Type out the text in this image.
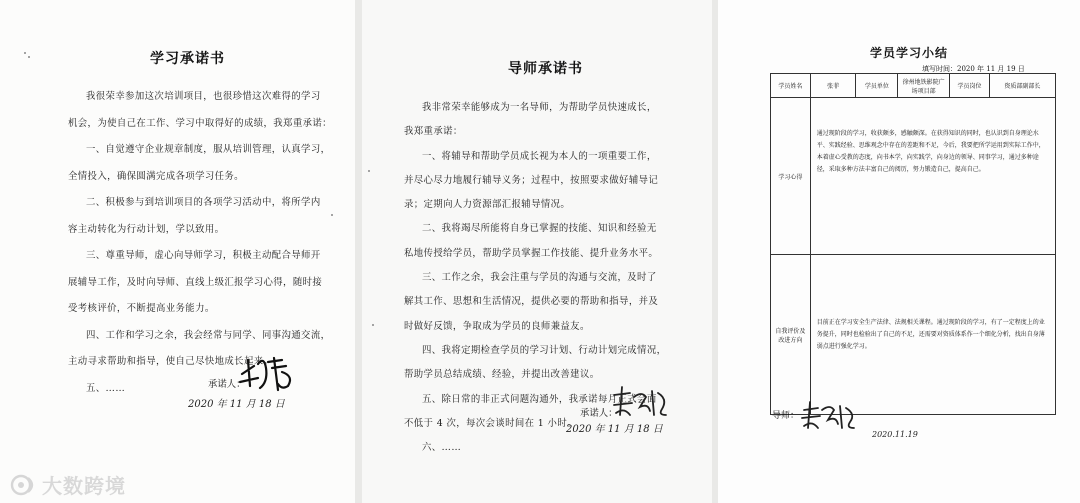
学习承诺书

我很荣幸参加这次培训项目，也很珍惜这次难得的学习

机会，为使自己在工作、学习中取得好的成绩，我郑重承诺：

一、自觉遵守企业规章制度，服从培训管理，认真学习，

全情投入，确保圆满完成各项学习任务。

二、积极参与到培训项目的各项学习活动中，将所学内

容主动转化为行动计划，学以致用。

三、尊重导师，虚心向导师学习，积极主动配合导师开

展辅导工作，及时向导师、直线上级汇报学习心得，随时接

受考核评价，不断提高业务能力。

四、工作和学习之余，我会经常与同学、同事沟通交流，

主动寻求帮助和指导，使自己尽快地成长起来。

五、……	承诺人：
2020 年 11 月 18 日
导师承诺书

我非常荣幸能够成为一名导师，为帮助学员快速成长，

我郑重承诺：

一、将辅导和帮助学员成长视为本人的一项重要工作，

并尽心尽力地履行辅导义务；过程中，按照要求做好辅导记

录；定期向人力资源部汇报辅导情况。

二、我将竭尽所能将自身已掌握的技能、知识和经验无

私地传授给学员，帮助学员掌握工作技能、提升业务水平。

三、工作之余，我会注重与学员的沟通与交流，及时了

解其工作、思想和生活情况，提供必要的帮助和指导，并及

时做好反馈，争取成为学员的良师兼益友。

四、我将定期检查学员的学习计划、行动计划完成情况，

帮助学员总结成绩、经验，并提出改善建议。

五、除日常的非正式问题沟通外，我承诺每月正式会面

不低于 4 次，每次会谈时间在 1 小时。

六、……

承诺人：
2020 年 11 月 18 日
学员学习小结
填写时间：2020 年 11 月 19 日
学员姓名	张菲	学员单位	徐州地铁影院广场项目部	学员岗位	资质部副部长
学习心得	通过现阶段的学习，收获颇多，感触颇深。在获得知识的同时，也认识到自身理论水平、实践经验、思维观念中存在的差距和不足，今后，我要把所学运用到实际工作中，本着虚心受教的态度，向书本学，向实践学，向身边的领导、同事学习，通过多种途径，采取多种方法丰富自己的阅历，努力锻造自己，提高自己。				
自我评价及改进方向	目前正在学习安全生产法律、法规相关课程。通过现阶段的学习，有了一定程度上的业务提升，同时也检验出了自己的不足，还需要对资质体系作一个细化分析，找出自身薄弱点进行强化学习。				
导师：
2020.11.19
大数跨境
